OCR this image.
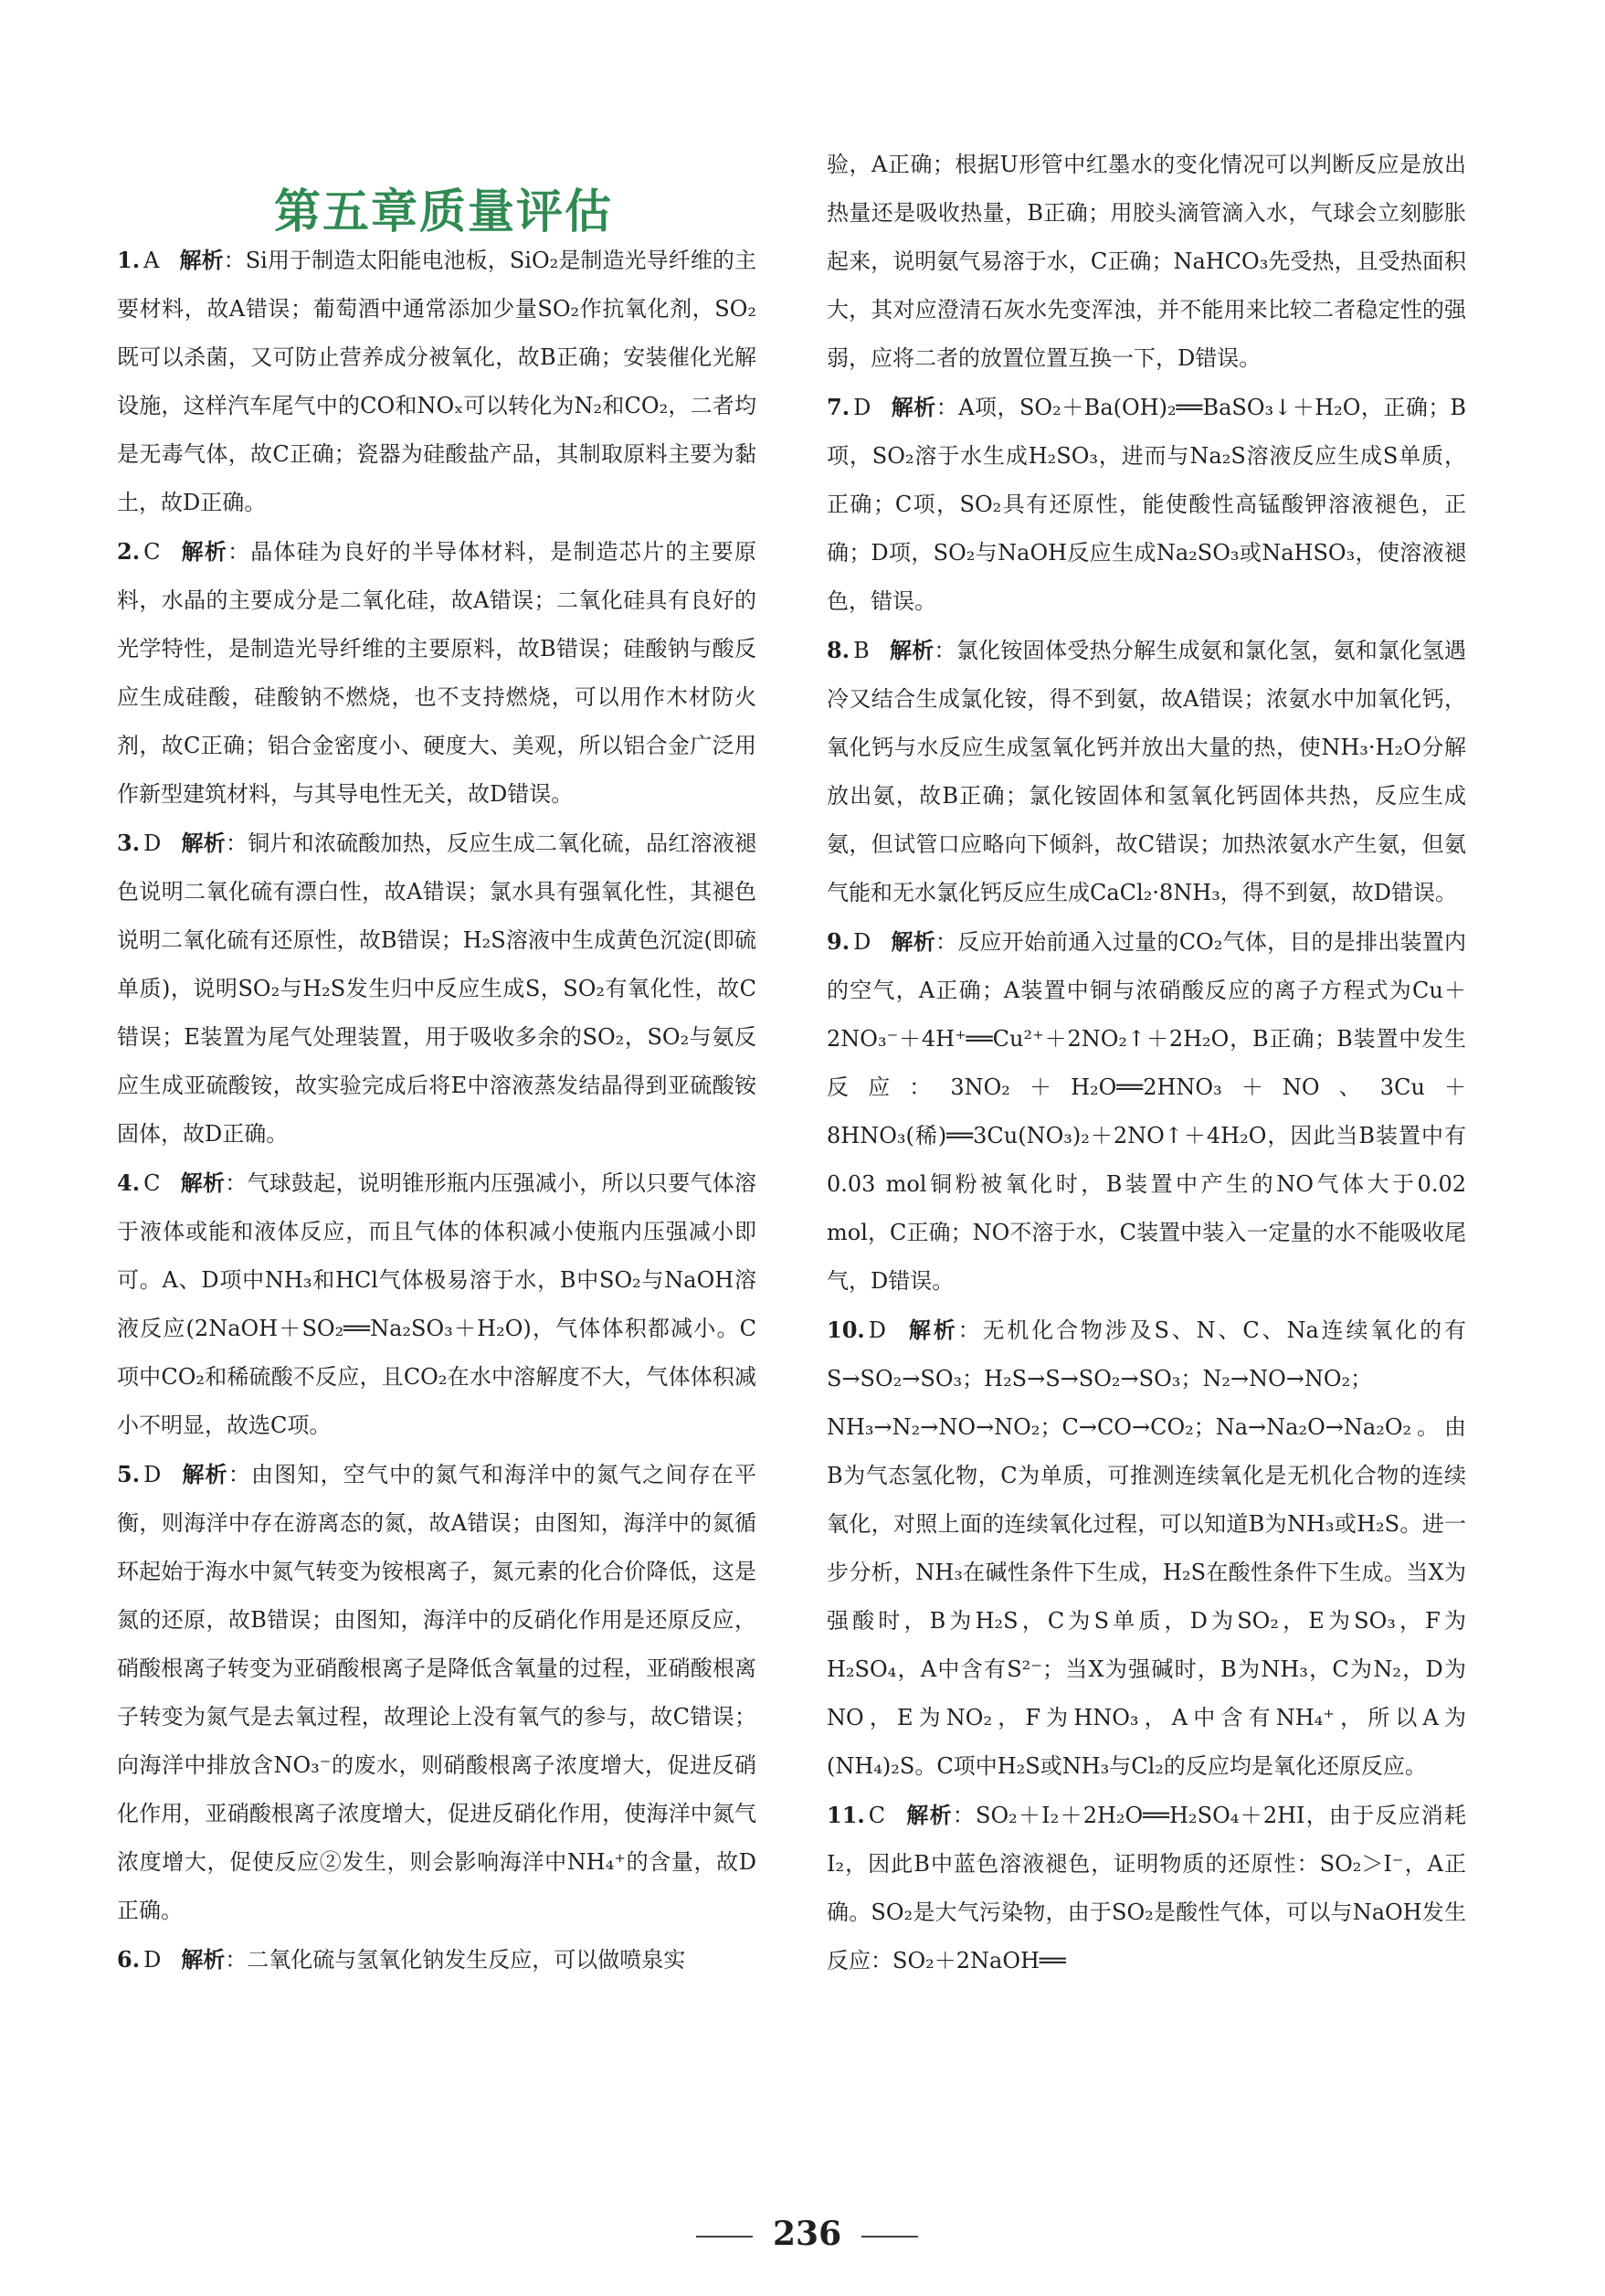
第五章质量评估
1. A 解析：Si用于制造太阳能电池板，SiO₂是制造光导纤维的主要材料，故A错误；葡萄酒中通常添加少量SO₂作抗氧化剂，SO₂既可以杀菌，又可防止营养成分被氧化，故B正确；安装催化光解设施，这样汽车尾气中的CO和NOₓ可以转化为N₂和CO₂，二者均是无毒气体，故C正确；瓷器为硅酸盐产品，其制取原料主要为黏土，故D正确。
2. C 解析：晶体硅为良好的半导体材料，是制造芯片的主要原料，水晶的主要成分是二氧化硅，故A错误；二氧化硅具有良好的光学特性，是制造光导纤维的主要原料，故B错误；硅酸钠与酸反应生成硅酸，硅酸钠不燃烧，也不支持燃烧，可以用作木材防火剂，故C正确；铝合金密度小、硬度大、美观，所以铝合金广泛用作新型建筑材料，与其导电性无关，故D错误。
3. D 解析：铜片和浓硫酸加热，反应生成二氧化硫，品红溶液褪色说明二氧化硫有漂白性，故A错误；氯水具有强氧化性，其褪色说明二氧化硫有还原性，故B错误；H₂S溶液中生成黄色沉淀(即硫单质)，说明SO₂与H₂S发生归中反应生成S，SO₂有氧化性，故C错误；E装置为尾气处理装置，用于吸收多余的SO₂，SO₂与氨反应生成亚硫酸铵，故实验完成后将E中溶液蒸发结晶得到亚硫酸铵固体，故D正确。
4. C 解析：气球鼓起，说明锥形瓶内压强减小，所以只要气体溶于液体或能和液体反应，而且气体的体积减小使瓶内压强减小即可。A、D项中NH₃和HCl气体极易溶于水，B中SO₂与NaOH溶液反应(2NaOH＋SO₂══Na₂SO₃＋H₂O)，气体体积都减小。C项中CO₂和稀硫酸不反应，且CO₂在水中溶解度不大，气体体积减小不明显，故选C项。
5. D 解析：由图知，空气中的氮气和海洋中的氮气之间存在平衡，则海洋中存在游离态的氮，故A错误；由图知，海洋中的氮循环起始于海水中氮气转变为铵根离子，氮元素的化合价降低，这是氮的还原，故B错误；由图知，海洋中的反硝化作用是还原反应，硝酸根离子转变为亚硝酸根离子是降低含氧量的过程，亚硝酸根离子转变为氮气是去氧过程，故理论上没有氧气的参与，故C错误；向海洋中排放含NO₃⁻的废水，则硝酸根离子浓度增大，促进反硝化作用，亚硝酸根离子浓度增大，促进反硝化作用，使海洋中氮气浓度增大，促使反应②发生，则会影响海洋中NH₄⁺的含量，故D正确。
6. D 解析：二氧化硫与氢氧化钠发生反应，可以做喷泉实
验，A正确；根据U形管中红墨水的变化情况可以判断反应是放出热量还是吸收热量，B正确；用胶头滴管滴入水，气球会立刻膨胀起来，说明氨气易溶于水，C正确；NaHCO₃先受热，且受热面积大，其对应澄清石灰水先变浑浊，并不能用来比较二者稳定性的强弱，应将二者的放置位置互换一下，D错误。
7. D 解析：A项，SO₂＋Ba(OH)₂══BaSO₃↓＋H₂O，正确；B项，SO₂溶于水生成H₂SO₃，进而与Na₂S溶液反应生成S单质，正确；C项，SO₂具有还原性，能使酸性高锰酸钾溶液褪色，正确；D项，SO₂与NaOH反应生成Na₂SO₃或NaHSO₃，使溶液褪色，错误。
8. B 解析：氯化铵固体受热分解生成氨和氯化氢，氨和氯化氢遇冷又结合生成氯化铵，得不到氨，故A错误；浓氨水中加氧化钙，氧化钙与水反应生成氢氧化钙并放出大量的热，使NH₃·H₂O分解放出氨，故B正确；氯化铵固体和氢氧化钙固体共热，反应生成氨，但试管口应略向下倾斜，故C错误；加热浓氨水产生氨，但氨气能和无水氯化钙反应生成CaCl₂·8NH₃，得不到氨，故D错误。
9. D 解析：反应开始前通入过量的CO₂气体，目的是排出装置内的空气，A正确；A装置中铜与浓硝酸反应的离子方程式为Cu＋2NO₃⁻＋4H⁺══Cu²⁺＋2NO₂↑＋2H₂O，B正确；B装置中发生反应：3NO₂＋H₂O══2HNO₃＋NO、3Cu＋8HNO₃(稀)══3Cu(NO₃)₂＋2NO↑＋4H₂O，因此当B装置中有0.03 mol铜粉被氧化时，B装置中产生的NO气体大于0.02 mol，C正确；NO不溶于水，C装置中装入一定量的水不能吸收尾气，D错误。
10. D 解析：无机化合物涉及S、N、C、Na连续氧化的有S→SO₂→SO₃；H₂S→S→SO₂→SO₃；N₂→NO→NO₂；NH₃→N₂→NO→NO₂；C→CO→CO₂；Na→Na₂O→Na₂O₂。由B为气态氢化物，C为单质，可推测连续氧化是无机化合物的连续氧化，对照上面的连续氧化过程，可以知道B为NH₃或H₂S。进一步分析，NH₃在碱性条件下生成，H₂S在酸性条件下生成。当X为强酸时，B为H₂S，C为S单质，D为SO₂，E为SO₃，F为H₂SO₄，A中含有S²⁻；当X为强碱时，B为NH₃，C为N₂，D为NO，E为NO₂，F为HNO₃，A中含有NH₄⁺，所以A为(NH₄)₂S。C项中H₂S或NH₃与Cl₂的反应均是氧化还原反应。
11. C 解析：SO₂＋I₂＋2H₂O══H₂SO₄＋2HI，由于反应消耗I₂，因此B中蓝色溶液褪色，证明物质的还原性：SO₂＞I⁻，A正确。SO₂是大气污染物，由于SO₂是酸性气体，可以与NaOH发生反应：SO₂＋2NaOH══
236
